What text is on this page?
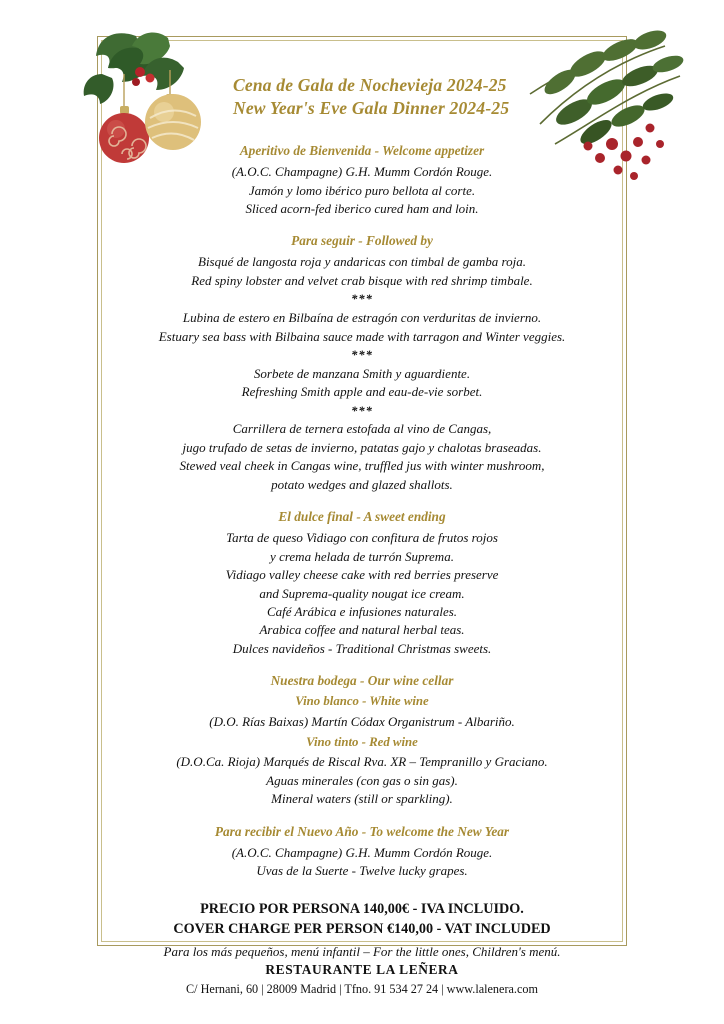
Cena de Gala de Nochevieja 2024-25
New Year's Eve Gala Dinner 2024-25
Aperitivo de Bienvenida - Welcome appetizer
(A.O.C. Champagne) G.H. Mumm Cordón Rouge.
Jamón y lomo ibérico puro bellota al corte.
Sliced acorn-fed iberico cured ham and loin.
Para seguir - Followed by
Bisqué de langosta roja y andaricas con timbal de gamba roja.
Red spiny lobster and velvet crab bisque with red shrimp timbale.
***
Lubina de estero en Bilbaína de estragón con verduritas de invierno.
Estuary sea bass with Bilbaina sauce made with tarragon and Winter veggies.
***
Sorbete de manzana Smith y aguardiente.
Refreshing Smith apple and eau-de-vie sorbet.
***
Carrillera de ternera estofada al vino de Cangas,
jugo trufado de setas de invierno, patatas gajo y chalotas braseadas.
Stewed veal cheek in Cangas wine, truffled jus with winter mushroom,
potato wedges and glazed shallots.
El dulce final - A sweet ending
Tarta de queso Vidiago con confitura de frutos rojos
y crema helada de turrón Suprema.
Vidiago valley cheese cake with red berries preserve
and Suprema-quality nougat ice cream.
Café Arábica e infusiones naturales.
Arabica coffee and natural herbal teas.
Dulces navideños - Traditional Christmas sweets.
Nuestra bodega - Our wine cellar
Vino blanco - White wine
(D.O. Rías Baixas) Martín Códax Organistrum - Albariño.
Vino tinto - Red wine
(D.O.Ca. Rioja) Marqués de Riscal Rva. XR – Tempranillo y Graciano.
Aguas minerales (con gas o sin gas).
Mineral waters (still or sparkling).
Para recibir el Nuevo Año - To welcome the New Year
(A.O.C. Champagne) G.H. Mumm Cordón Rouge.
Uvas de la Suerte - Twelve lucky grapes.
PRECIO POR PERSONA 140,00€ - IVA INCLUIDO.
COVER CHARGE PER PERSON €140,00 - VAT INCLUDED
Para los más pequeños, menú infantil – For the little ones, Children's menú.
RESTAURANTE LA LEÑERA
C/ Hernani, 60 | 28009 Madrid | Tfno. 91 534 27 24 | www.lalenera.com
